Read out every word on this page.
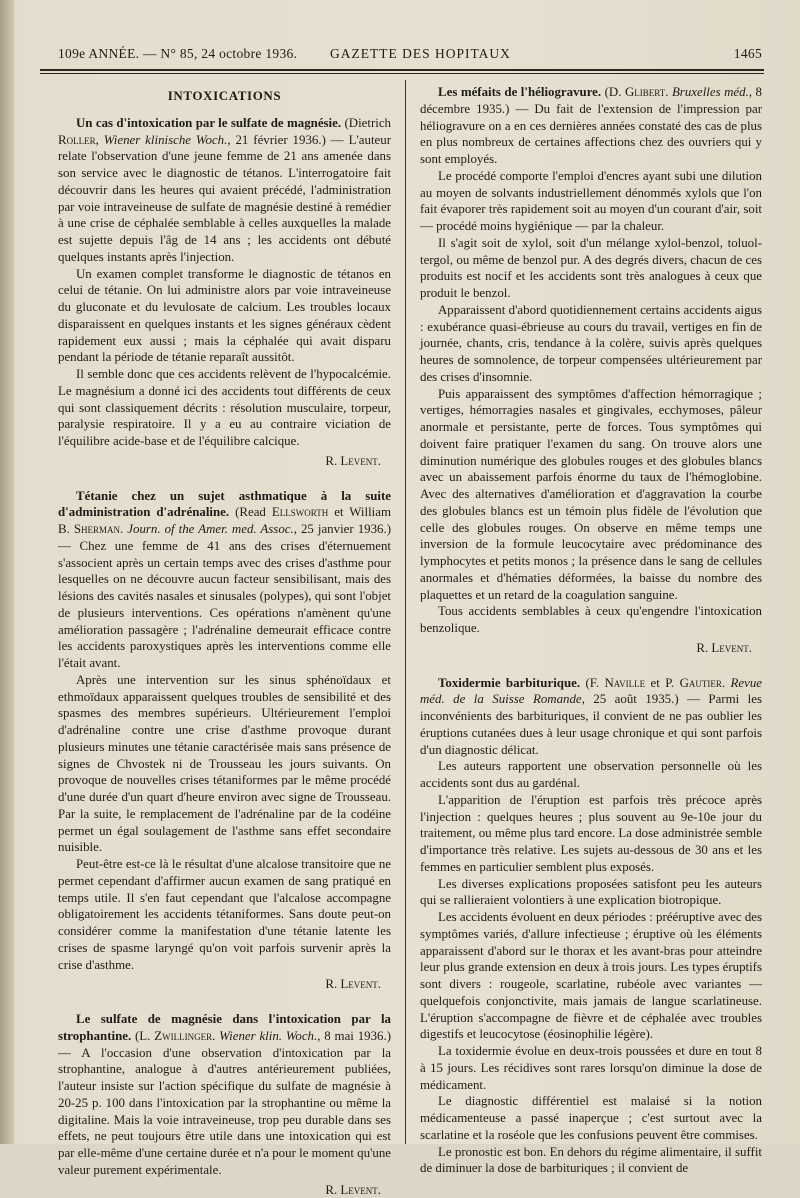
109e ANNÉE. — N° 85, 24 octobre 1936. GAZETTE DES HOPITAUX	1465
INTOXICATIONS

Un cas d'intoxication par le sulfate de magnésie. (Dietrich Roller, Wiener klinische Woch., 21 février 1936.) — L'auteur relate l'observation d'une jeune femme de 21 ans amenée dans son service avec le diagnostic de tétanos. L'interrogatoire fait découvrir dans les heures qui avaient précédé, l'administration par voie intraveineuse de sulfate de magnésie destiné à remédier à une crise de céphalée semblable à celles auxquelles la malade est sujette depuis l'âg de 14 ans ; les accidents ont débuté quelques instants après l'injection.

Un examen complet transforme le diagnostic de tétanos en celui de tétanie. On lui administre alors par voie intraveineuse du gluconate et du levulosate de calcium. Les troubles locaux disparaissent en quelques instants et les signes généraux cèdent rapidement eux aussi ; mais la céphalée qui avait disparu pendant la période de tétanie reparaît aussitôt.

Il semble donc que ces accidents relèvent de l'hypocalcémie. Le magnésium a donné ici des accidents tout différents de ceux qui sont classiquement décrits : résolution musculaire, torpeur, paralysie respiratoire. Il y a eu au contraire viciation de l'équilibre acide-base et de l'équilibre calcique.

R. Levent.

Tétanie chez un sujet asthmatique à la suite d'administration d'adrénaline. (Read Ellsworth et William B. Sherman. Journ. of the Amer. med. Assoc., 25 janvier 1936.) — Chez une femme de 41 ans des crises d'éternuement s'associent après un certain temps avec des crises d'asthme pour lesquelles on ne découvre aucun facteur sensibilisant, mais des lésions des cavités nasales et sinusales (polypes), qui sont l'objet de plusieurs interventions. Ces opérations n'amènent qu'une amélioration passagère ; l'adrénaline demeurait efficace contre les accidents paroxystiques après les interventions comme elle l'était avant.

Après une intervention sur les sinus sphénoïdaux et ethmoïdaux apparaissent quelques troubles de sensibilité et des spasmes des membres supérieurs. Ultérieurement l'emploi d'adrénaline contre une crise d'asthme provoque durant plusieurs minutes une tétanie caractérisée mais sans présence de signes de Chvostek ni de Trousseau les jours suivants. On provoque de nouvelles crises tétaniformes par le même procédé d'une durée d'un quart d'heure environ avec signe de Trousseau. Par la suite, le remplacement de l'adrénaline par de la codéine permet un égal soulagement de l'asthme sans effet secondaire nuisible.

Peut-être est-ce là le résultat d'une alcalose transitoire que ne permet cependant d'affirmer aucun examen de sang pratiqué en temps utile. Il s'en faut cependant que l'alcalose accompagne obligatoirement les accidents tétaniformes. Sans doute peut-on considérer comme la manifestation d'une tétanie latente les crises de spasme laryngé qu'on voit parfois survenir après la crise d'asthme.

R. Levent.

Le sulfate de magnésie dans l'intoxication par la strophantine. (L. Zwillinger. Wiener klin. Woch., 8 mai 1936.) — A l'occasion d'une observation d'intoxication par la strophantine, analogue à d'autres antérieurement publiées, l'auteur insiste sur l'action spécifique du sulfate de magnésie à 20-25 p. 100 dans l'intoxication par la strophantine ou même la digitaline. Mais la voie intraveineuse, trop peu durable dans ses effets, ne peut toujours être utile dans une intoxication qui est par elle-même d'une certaine durée et n'a pour le moment qu'une valeur purement expérimentale.

R. Levent.

Les méfaits de l'héliogravure. (D. Glibert. Bruxelles méd., 8 décembre 1935.) — Du fait de l'extension de l'impression par héliogravure on a en ces dernières années constaté des cas de plus en plus nombreux de certaines affections chez des ouvriers qui y sont employés.

Le procédé comporte l'emploi d'encres ayant subi une dilution au moyen de solvants industriellement dénommés xylols que l'on fait évaporer très rapidement soit au moyen d'un courant d'air, soit — procédé moins hygiénique — par la chaleur.

Il s'agit soit de xylol, soit d'un mélange xylol-benzol, toluol-tergol, ou même de benzol pur. A des degrés divers, chacun de ces produits est nocif et les accidents sont très analogues à ceux que produit le benzol.

Apparaissent d'abord quotidiennement certains accidents aigus : exubérance quasi-ébrieuse au cours du travail, vertiges en fin de journée, chants, cris, tendance à la colère, suivis après quelques heures de somnolence, de torpeur compensées ultérieurement par des crises d'insomnie.

Puis apparaissent des symptômes d'affection hémorragique ; vertiges, hémorragies nasales et gingivales, ecchymoses, pâleur anormale et persistante, perte de forces. Tous symptômes qui doivent faire pratiquer l'examen du sang. On trouve alors une diminution numérique des globules rouges et des globules blancs avec un abaissement parfois énorme du taux de l'hémoglobine. Avec des alternatives d'amélioration et d'aggravation la courbe des globules blancs est un témoin plus fidèle de l'évolution que celle des globules rouges. On observe en même temps une inversion de la formule leucocytaire avec prédominance des lymphocytes et petits monos ; la présence dans le sang de cellules anormales et d'hématies déformées, la baisse du nombre des plaquettes et un retard de la coagulation sanguine.

Tous accidents semblables à ceux qu'engendre l'intoxication benzolique.

R. Levent.

Toxidermie barbiturique. (F. Naville et P. Gautier. Revue méd. de la Suisse Romande, 25 août 1935.) — Parmi les inconvénients des barbituriques, il convient de ne pas oublier les éruptions cutanées dues à leur usage chronique et qui sont parfois d'un diagnostic délicat.

Les auteurs rapportent une observation personnelle où les accidents sont dus au gardénal.

L'apparition de l'éruption est parfois très précoce après l'injection : quelques heures ; plus souvent au 9e-10e jour du traitement, ou même plus tard encore. La dose administrée semble d'importance très relative. Les sujets au-dessous de 30 ans et les femmes en particulier semblent plus exposés.

Les diverses explications proposées satisfont peu les auteurs qui se rallieraient volontiers à une explication biotropique.

Les accidents évoluent en deux périodes : prééruptive avec des symptômes variés, d'allure infectieuse ; éruptive où les éléments apparaissent d'abord sur le thorax et les avant-bras pour atteindre leur plus grande extension en deux à trois jours. Les types éruptifs sont divers : rougeole, scarlatine, rubéole avec variantes — quelquefois conjonctivite, mais jamais de langue scarlatineuse. L'éruption s'accompagne de fièvre et de céphalée avec troubles digestifs et leucocytose (éosinophilie légère).

La toxidermie évolue en deux-trois poussées et dure en tout 8 à 15 jours. Les récidives sont rares lorsqu'on diminue la dose de médicament.

Le diagnostic différentiel est malaisé si la notion médicamenteuse a passé inaperçue ; c'est surtout avec la scarlatine et la roséole que les confusions peuvent être commises.

Le pronostic est bon. En dehors du régime alimentaire, il suffit de diminuer la dose de barbituriques ; il convient de
